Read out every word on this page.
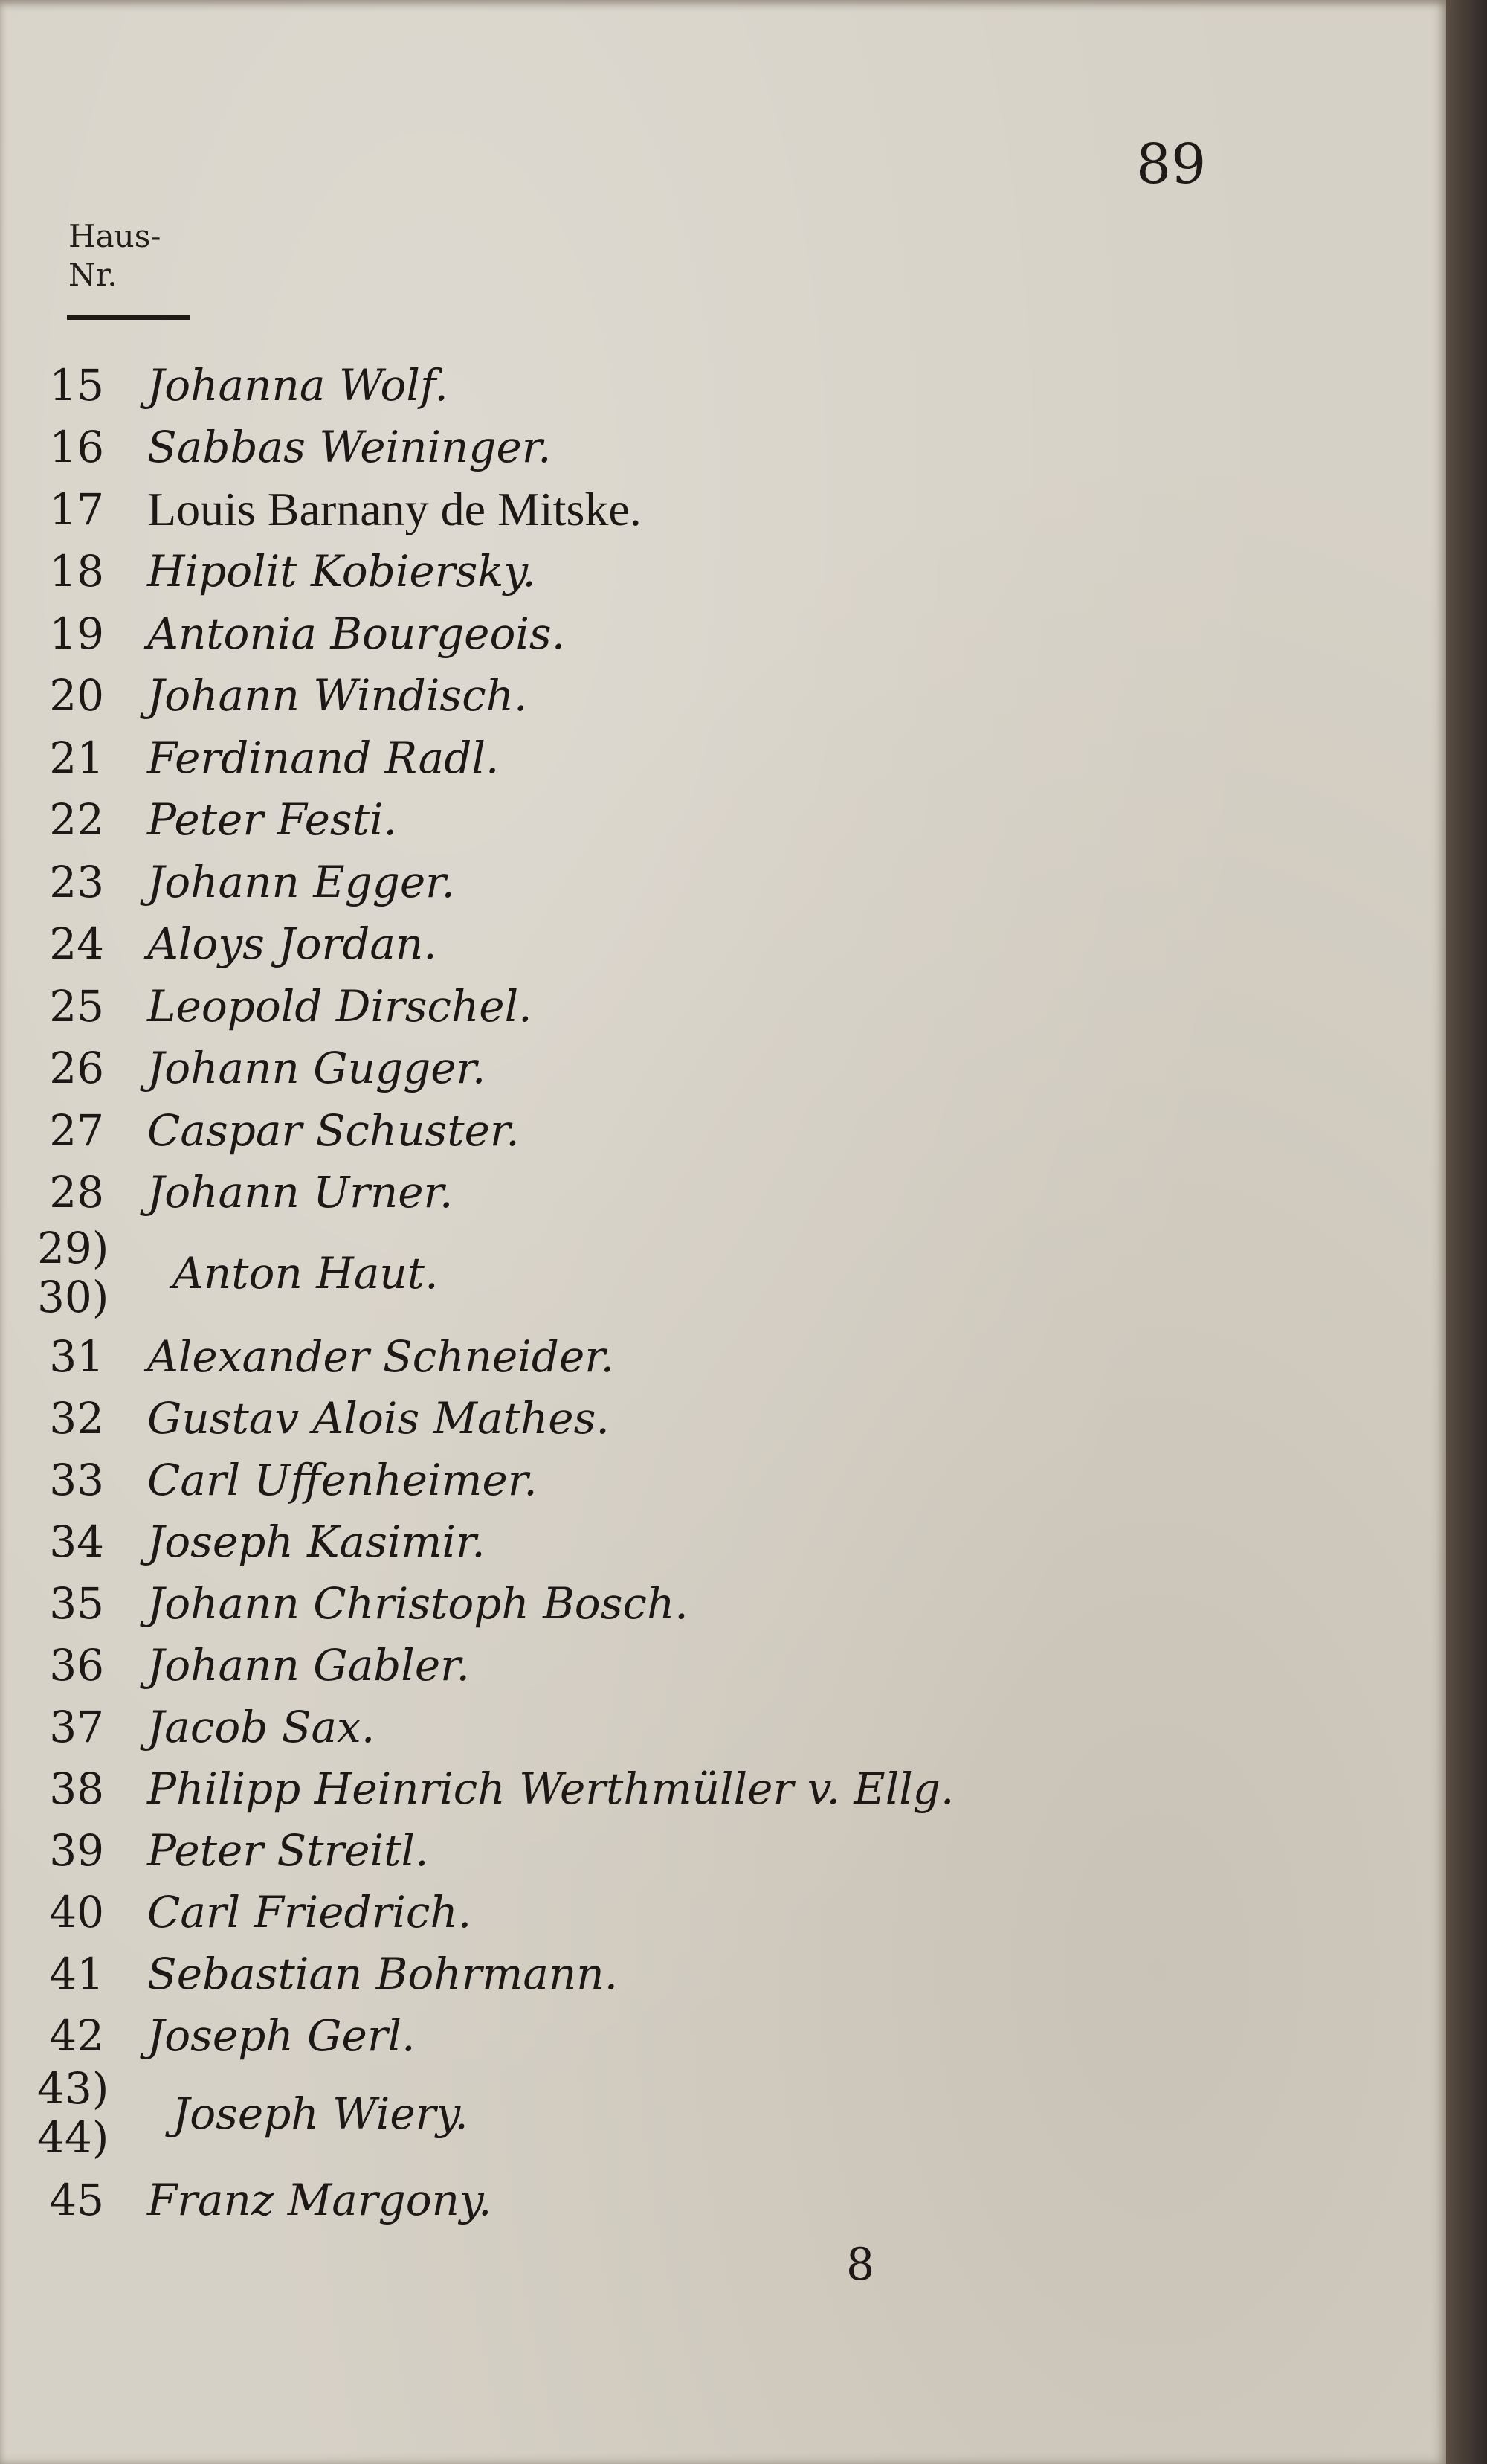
89
Haus-
Nr.
15 Johanna Wolf.
16 Sabbas Weininger.
17 Louis Barnany de Mitske.
18 Hipolit Kobiersky.
19 Antonia Bourgeois.
20 Johann Windisch.
21 Ferdinand Radl.
22 Peter Festi.
23 Johann Egger.
24 Aloys Jordan.
25 Leopold Dirschel.
26 Johann Gugger.
27 Caspar Schuster.
28 Johann Urner.
29)
30) Anton Haut.
31 Alexander Schneider.
32 Gustav Alois Mathes.
33 Carl Uffenheimer.
34 Joseph Kasimir.
35 Johann Christoph Bosch.
36 Johann Gabler.
37 Jacob Sax.
38 Philipp Heinrich Werthmüller v. Ellg.
39 Peter Streitl.
40 Carl Friedrich.
41 Sebastian Bohrmann.
42 Joseph Gerl.
43)
44) Joseph Wiery.
45 Franz Margony.
8
